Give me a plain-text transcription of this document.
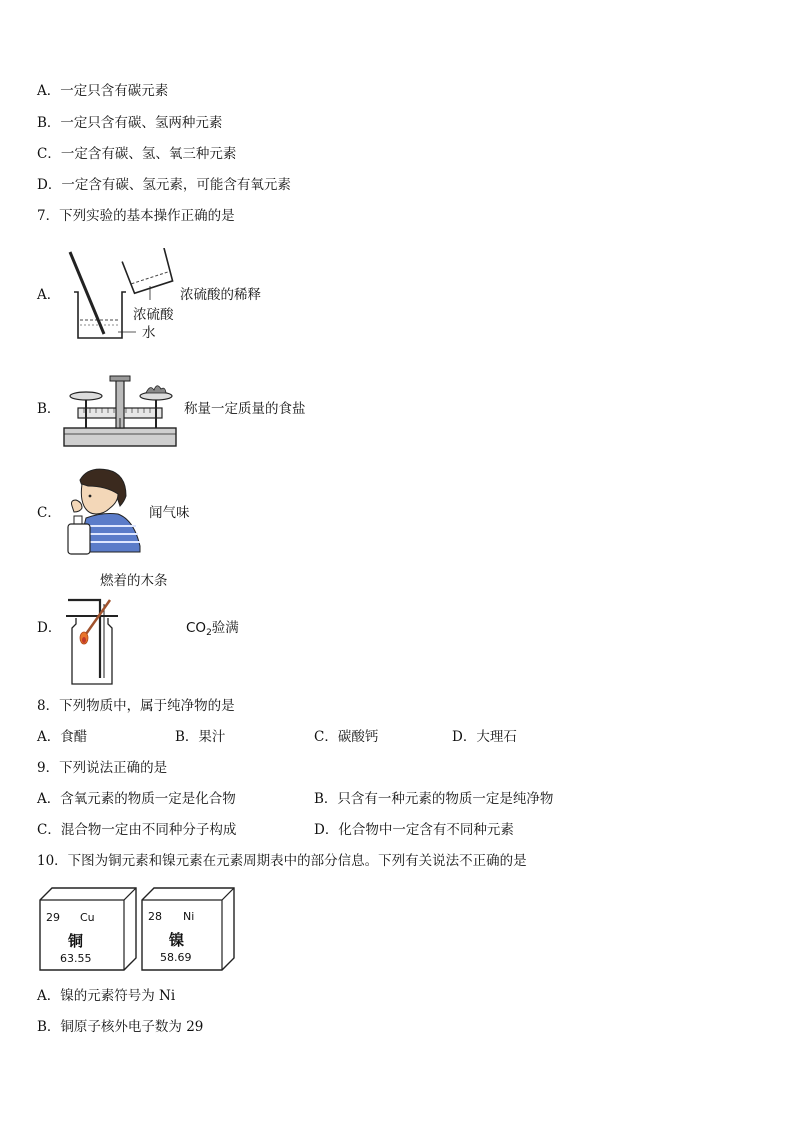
A．一定只含有碳元素
B．一定只含有碳、氢两种元素
C．一定含有碳、氢、氧三种元素
D．一定含有碳、氢元素，可能含有氧元素
7．下列实验的基本操作正确的是
A．	浓硫酸的稀释
浓硫酸
水
B．	称量一定质量的食盐
C．	闻气味
燃着的木条
D．	$CO_2$验满
8．下列物质中，属于纯净物的是
A．食醋	B．果汁	C．碳酸钙	D．大理石
9．下列说法正确的是
A．含氧元素的物质一定是化合物	B．只含有一种元素的物质一定是纯净物
C．混合物一定由不同种分子构成	D．化合物中一定含有不同种元素
10．下图为铜元素和镍元素在元素周期表中的部分信息。下列有关说法不正确的是
29 Cu
铜
63.55
28 Ni
镍
58.69
A．镍的元素符号为 Ni
B．铜原子核外电子数为 29
